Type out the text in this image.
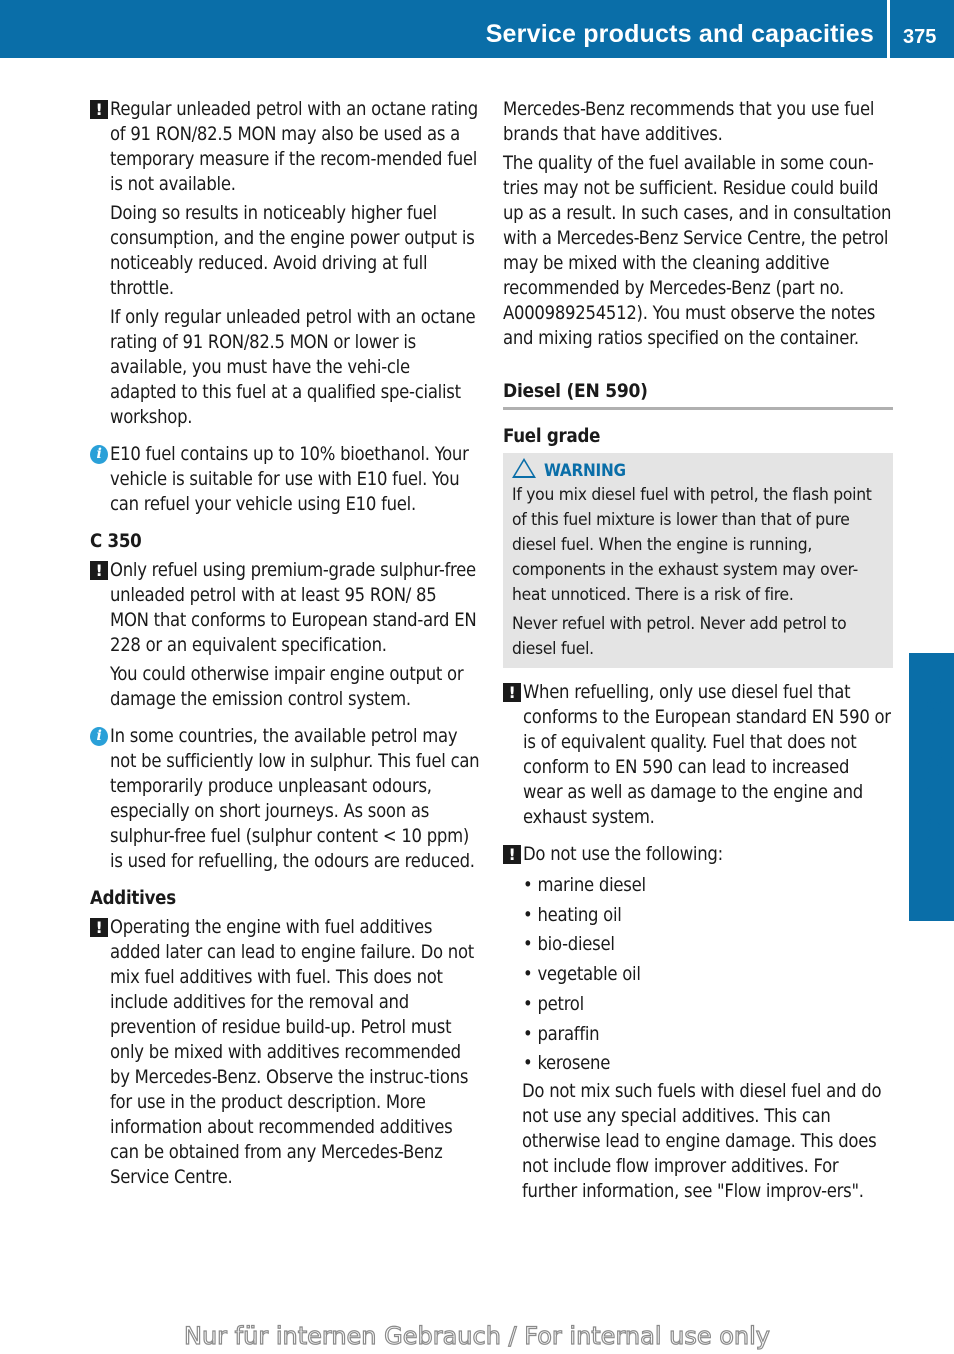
Service products and capacities 375
Technical data
! Regular unleaded petrol with an octane rating of 91 RON/82.5 MON may also be used as a temporary measure if the recom-mended fuel is not available.

Doing so results in noticeably higher fuel consumption, and the engine power output is noticeably reduced. Avoid driving at full throttle.

If only regular unleaded petrol with an octane rating of 91 RON/82.5 MON or lower is available, you must have the vehi-cle adapted to this fuel at a qualified spe-cialist workshop.

i E10 fuel contains up to 10% bioethanol. Your vehicle is suitable for use with E10 fuel. You can refuel your vehicle using E10 fuel.

C 350

! Only refuel using premium-grade sulphur-free unleaded petrol with at least 95 RON/ 85 MON that conforms to European stand-ard EN 228 or an equivalent specification.

You could otherwise impair engine output or damage the emission control system.

i In some countries, the available petrol may not be sufficiently low in sulphur. This fuel can temporarily produce unpleasant odours, especially on short journeys. As soon as sulphur-free fuel (sulphur content < 10 ppm) is used for refuelling, the odours are reduced.

Additives

! Operating the engine with fuel additives added later can lead to engine failure. Do not mix fuel additives with fuel. This does not include additives for the removal and prevention of residue build-up. Petrol must only be mixed with additives recommended by Mercedes-Benz. Observe the instruc-tions for use in the product description. More information about recommended additives can be obtained from any Mercedes-Benz Service Centre.

Mercedes-Benz recommends that you use fuel brands that have additives.

The quality of the fuel available in some coun-tries may not be sufficient. Residue could build up as a result. In such cases, and in consultation with a Mercedes-Benz Service Centre, the petrol may be mixed with the cleaning additive recommended by Mercedes-Benz (part no. A000989254512). You must observe the notes and mixing ratios specified on the container.

Diesel (EN 590)

Fuel grade

WARNING

If you mix diesel fuel with petrol, the flash point of this fuel mixture is lower than that of pure diesel fuel. When the engine is running, components in the exhaust system may over-heat unnoticed. There is a risk of fire.

Never refuel with petrol. Never add petrol to diesel fuel.

! When refuelling, only use diesel fuel that conforms to the European standard EN 590 or is of equivalent quality. Fuel that does not conform to EN 590 can lead to increased wear as well as damage to the engine and exhaust system.

! Do not use the following:

• marine diesel

• heating oil

• bio-diesel

• vegetable oil

• petrol

• paraffin

• kerosene

Do not mix such fuels with diesel fuel and do not use any special additives. This can otherwise lead to engine damage. This does not include flow improver additives. For further information, see "Flow improv-ers".

Nur für internen Gebrauch / For internal use only
